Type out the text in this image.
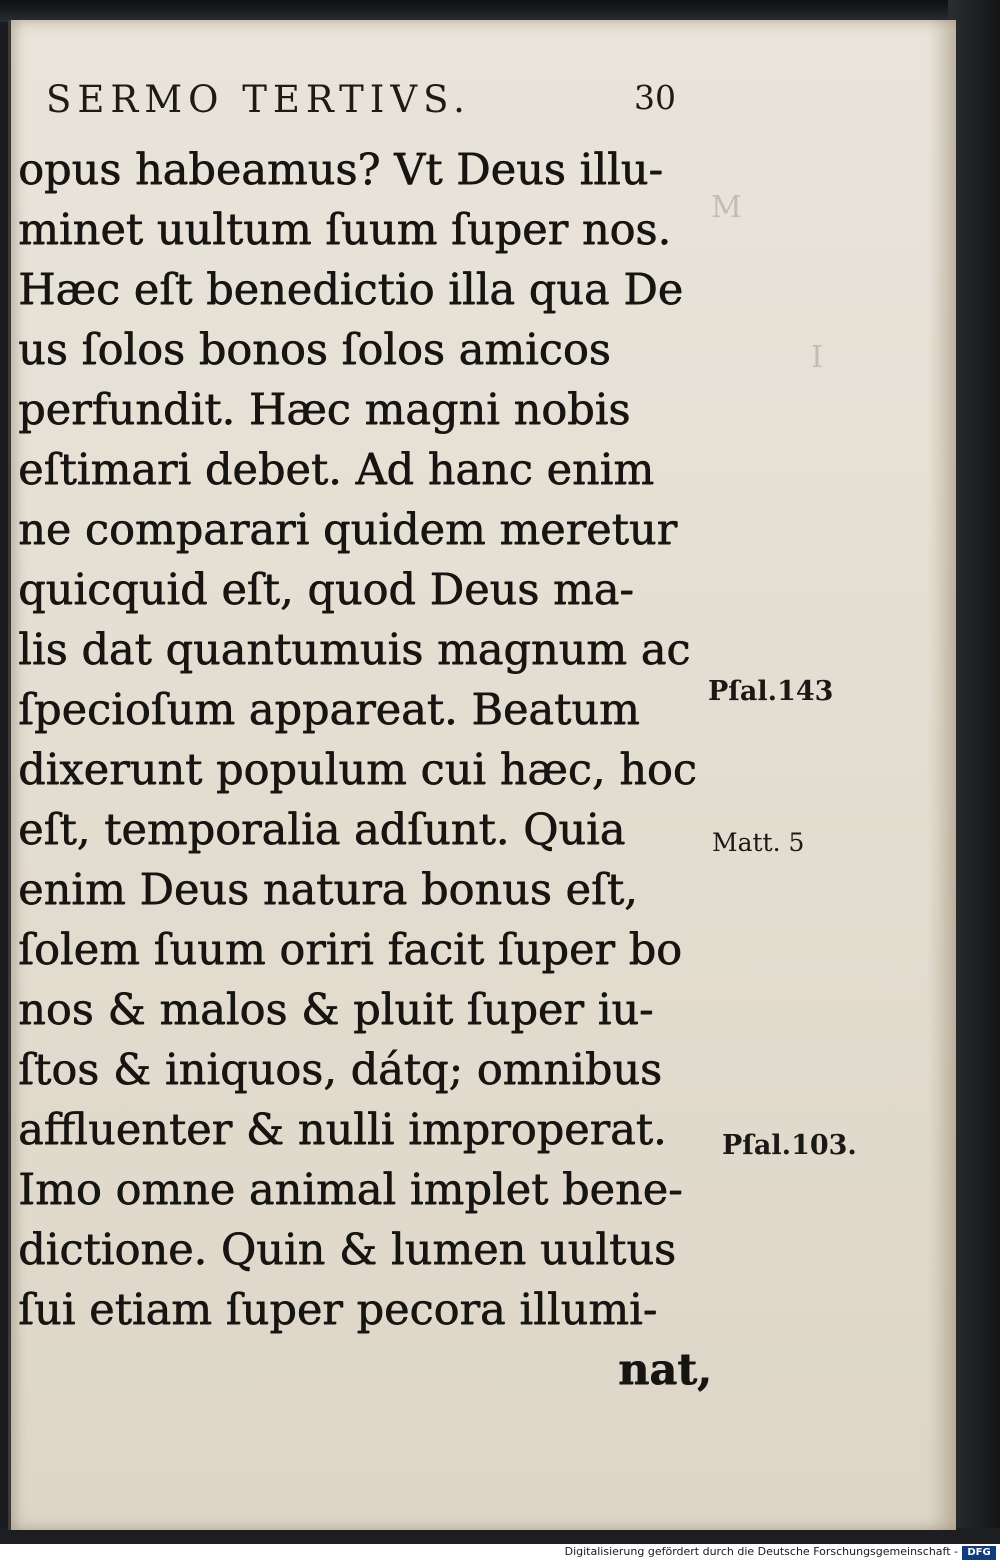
M
I
SERMO TERTIVS.	30
opus habeamus? Vt Deus illu-
minet uultum ſuum ſuper nos.
Hæc eſt benedictio illa qua De
us ſolos bonos ſolos amicos
perfundit. Hæc magni nobis
eſtimari debet. Ad hanc enim
ne comparari quidem meretur
quicquid eſt, quod Deus ma-
lis dat quantumuis magnum ac
ſpecioſum appareat. Beatum
dixerunt populum cui hæc, hoc
eſt, temporalia adſunt. Quia
enim Deus natura bonus eſt,
ſolem ſuum oriri facit ſuper bo
nos & malos & pluit ſuper iu-
ſtos & iniquos, dátq; omnibus
affluenter & nulli improperat.
Imo omne animal implet bene-
dictione. Quin & lumen uultus
ſui etiam ſuper pecora illumi-
nat,
Pſal.143
Matt. 5
Pſal.103.
Digitalisierung gefördert durch die Deutsche Forschungsgemeinschaft - DFG
